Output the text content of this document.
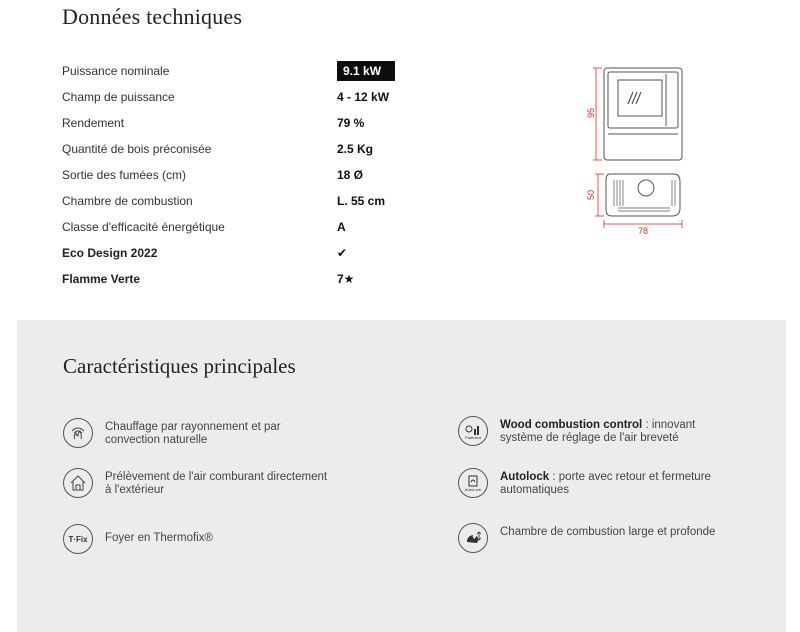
Données techniques
Puissance nominale	9.1 kW
Champ de puissance	4 - 12 kW
Rendement	79 %
Quantité de bois préconisée	2.5 Kg
Sortie des fumées (cm)	18 Ø
Chambre de combustion	L. 55 cm
Classe d'efficacité énergétique	A
Eco Design 2022	✔
Flamme Verte	7★
95
50
78
Caractéristiques principales
Chauffage par rayonnement et par convection naturelle
Prélèvement de l'air comburant directement à l'extérieur
T·Fix Foyer en Thermofix®
Patented
Wood combustion control : innovant système de réglage de l'air breveté
AutoLock
Autolock : porte avec retour et fermeture automatiques
Chambre de combustion large et profonde
